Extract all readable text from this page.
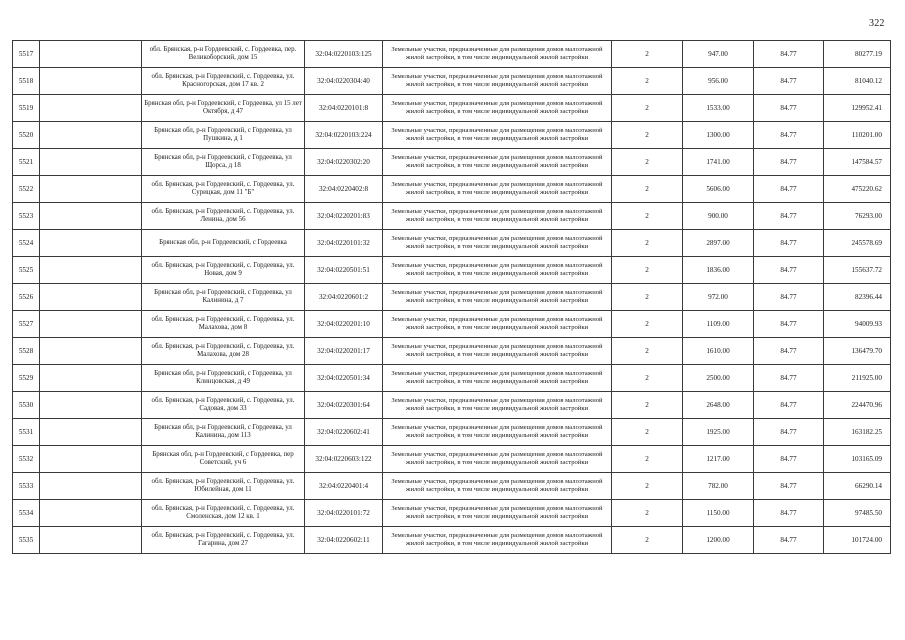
322
5517		обл. Брянская, р-н Гордеевский, с. Гордеевка, пер. Великоборский, дом 15	32:04:0220103:125	Земельные участки, предназначенные для размещения домов малоэтажной жилой застройки, в том числе индивидуальной жилой застройки	2	947.00	84.77	80277.19
5518		обл. Брянская, р-н Гордеевский, с. Гордеевка, ул. Красногорская, дом 17 кв. 2	32:04:0220304:40	Земельные участки, предназначенные для размещения домов малоэтажной жилой застройки, в том числе индивидуальной жилой застройки	2	956.00	84.77	81040.12
5519		Брянская обл, р-н Гордеевский, с Гордеевка, ул 15 лет Октября, д 47	32:04:0220101:8	Земельные участки, предназначенные для размещения домов малоэтажной жилой застройки, в том числе индивидуальной жилой застройки	2	1533.00	84.77	129952.41
5520		Брянская обл, р-н Гордеевский, с Гордеевка, ул Пушкина, д 1	32:04:0220103:224	Земельные участки, предназначенные для размещения домов малоэтажной жилой застройки, в том числе индивидуальной жилой застройки	2	1300.00	84.77	110201.00
5521		Брянская обл, р-н Гордеевский, с Гордеевка, ул Щорса, д 18	32:04:0220302:20	Земельные участки, предназначенные для размещения домов малоэтажной жилой застройки, в том числе индивидуальной жилой застройки	2	1741.00	84.77	147584.57
5522		обл. Брянская, р-н Гордеевский, с. Гордеевка, ул. Сурицкая, дом 11 "Б"	32:04:0220402:8	Земельные участки, предназначенные для размещения домов малоэтажной жилой застройки, в том числе индивидуальной жилой застройки	2	5606.00	84.77	475220.62
5523		обл. Брянская, р-н Гордеевский, с. Гордеевка, ул. Ленина, дом 56	32:04:0220201:83	Земельные участки, предназначенные для размещения домов малоэтажной жилой застройки, в том числе индивидуальной жилой застройки	2	900.00	84.77	76293.00
5524		Брянская обл, р-н Гордеевский, с Гордеевка	32:04:0220101:32	Земельные участки, предназначенные для размещения домов малоэтажной жилой застройки, в том числе индивидуальной жилой застройки	2	2897.00	84.77	245578.69
5525		обл. Брянская, р-н Гордеевский, с. Гордеевка, ул. Новая, дом 9	32:04:0220501:51	Земельные участки, предназначенные для размещения домов малоэтажной жилой застройки, в том числе индивидуальной жилой застройки	2	1836.00	84.77	155637.72
5526		Брянская обл, р-н Гордеевский, с Гордеевка, ул Калинина, д 7	32:04:0220601:2	Земельные участки, предназначенные для размещения домов малоэтажной жилой застройки, в том числе индивидуальной жилой застройки	2	972.00	84.77	82396.44
5527		обл. Брянская, р-н Гордеевский, с. Гордеевка, ул. Малахова, дом 8	32:04:0220201:10	Земельные участки, предназначенные для размещения домов малоэтажной жилой застройки, в том числе индивидуальной жилой застройки	2	1109.00	84.77	94009.93
5528		обл. Брянская, р-н Гордеевский, с. Гордеевка, ул. Малахова, дом 28	32:04:0220201:17	Земельные участки, предназначенные для размещения домов малоэтажной жилой застройки, в том числе индивидуальной жилой застройки	2	1610.00	84.77	136479.70
5529		Брянская обл, р-н Гордеевский, с Гордеевка, ул Клинцовская, д 49	32:04:0220501:34	Земельные участки, предназначенные для размещения домов малоэтажной жилой застройки, в том числе индивидуальной жилой застройки	2	2500.00	84.77	211925.00
5530		обл. Брянская, р-н Гордеевский, с. Гордеевка, ул. Садовая, дом 33	32:04:0220301:64	Земельные участки, предназначенные для размещения домов малоэтажной жилой застройки, в том числе индивидуальной жилой застройки	2	2648.00	84.77	224470.96
5531		Брянская обл, р-н Гордеевский, с Гордеевка, ул Калинина, дом 113	32:04:0220602:41	Земельные участки, предназначенные для размещения домов малоэтажной жилой застройки, в том числе индивидуальной жилой застройки	2	1925.00	84.77	163182.25
5532		Брянская обл, р-н Гордеевский, с Гордеевка, пер Советский, уч 6	32:04:0220603:122	Земельные участки, предназначенные для размещения домов малоэтажной жилой застройки, в том числе индивидуальной жилой застройки	2	1217.00	84.77	103165.09
5533		обл. Брянская, р-н Гордеевский, с. Гордеевка, ул. Юбилейная, дом 11	32:04:0220401:4	Земельные участки, предназначенные для размещения домов малоэтажной жилой застройки, в том числе индивидуальной жилой застройки	2	782.00	84.77	66290.14
5534		обл. Брянская, р-н Гордеевский, с. Гордеевка, ул. Смоленская, дом 12 кв. 1	32:04:0220101:72	Земельные участки, предназначенные для размещения домов малоэтажной жилой застройки, в том числе индивидуальной жилой застройки	2	1150.00	84.77	97485.50
5535		обл. Брянская, р-н Гордеевский, с. Гордеевка, ул. Гагарина, дом 27	32:04:0220602:11	Земельные участки, предназначенные для размещения домов малоэтажной жилой застройки, в том числе индивидуальной жилой застройки	2	1200.00	84.77	101724.00
